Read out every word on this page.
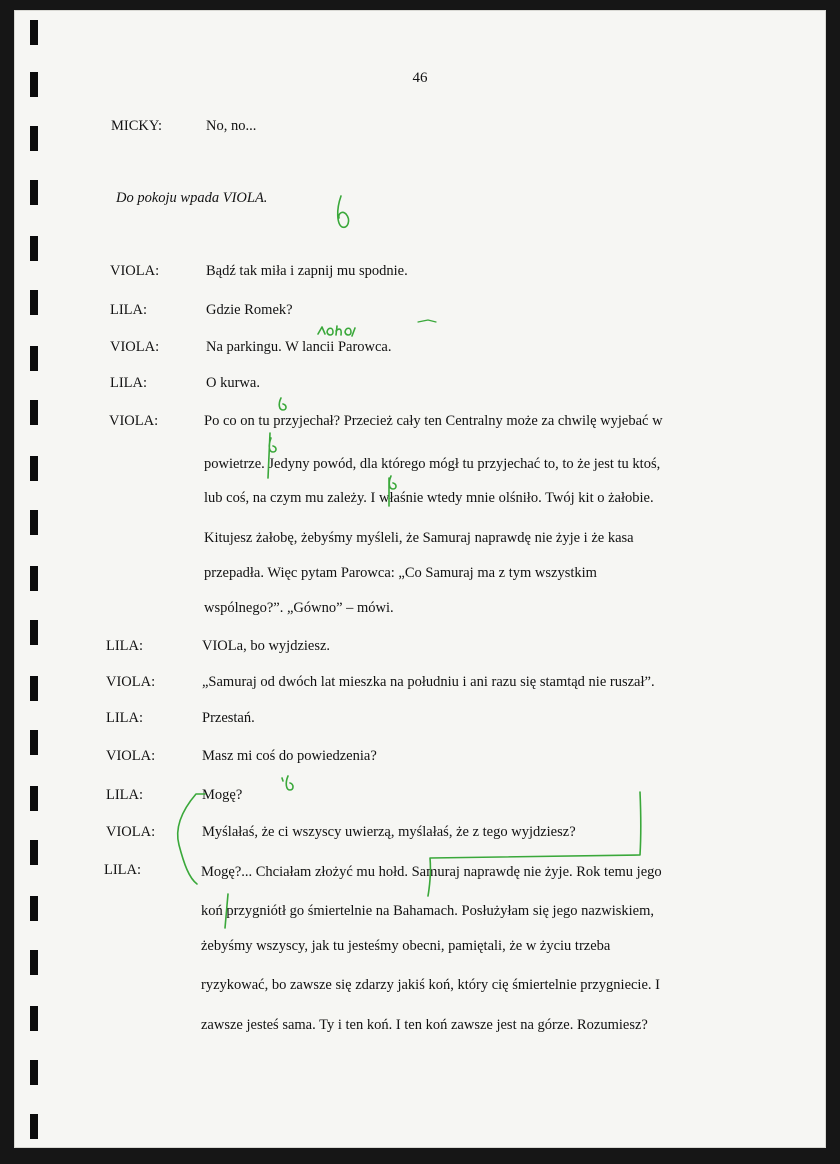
46
MICKY:	No, no...
Do pokoju wpada VIOLA.
VIOLA:	Bądź tak miła i zapnij mu spodnie.
LILA:	Gdzie Romek?
VIOLA:	Na parkingu. W lancii Parowca.
LILA:	O kurwa.
VIOLA:	Po co on tu przyjechał? Przecież cały ten Centralny może za chwilę wyjebać w
powietrze. Jedyny powód, dla którego mógł tu przyjechać to, to że jest tu ktoś,
lub coś, na czym mu zależy. I właśnie wtedy mnie olśniło. Twój kit o żałobie.
Kitujesz żałobę, żebyśmy myśleli, że Samuraj naprawdę nie żyje i że kasa
przepadła. Więc pytam Parowca: „Co Samuraj ma z tym wszystkim
wspólnego?”. „Gówno” – mówi.
LILA:	VIOLa, bo wyjdziesz.
VIOLA:	„Samuraj od dwóch lat mieszka na południu i ani razu się stamtąd nie ruszał”.
LILA:	Przestań.
VIOLA:	Masz mi coś do powiedzenia?
LILA:	Mogę?
VIOLA:	Myślałaś, że ci wszyscy uwierzą, myślałaś, że z tego wyjdziesz?
LILA:	Mogę?... Chciałam złożyć mu hołd. Samuraj naprawdę nie żyje. Rok temu jego
koń przygniótł go śmiertelnie na Bahamach. Posłużyłam się jego nazwiskiem,
żebyśmy wszyscy, jak tu jesteśmy obecni, pamiętali, że w życiu trzeba
ryzykować, bo zawsze się zdarzy jakiś koń, który cię śmiertelnie przygniecie. I
zawsze jesteś sama. Ty i ten koń. I ten koń zawsze jest na górze. Rozumiesz?
